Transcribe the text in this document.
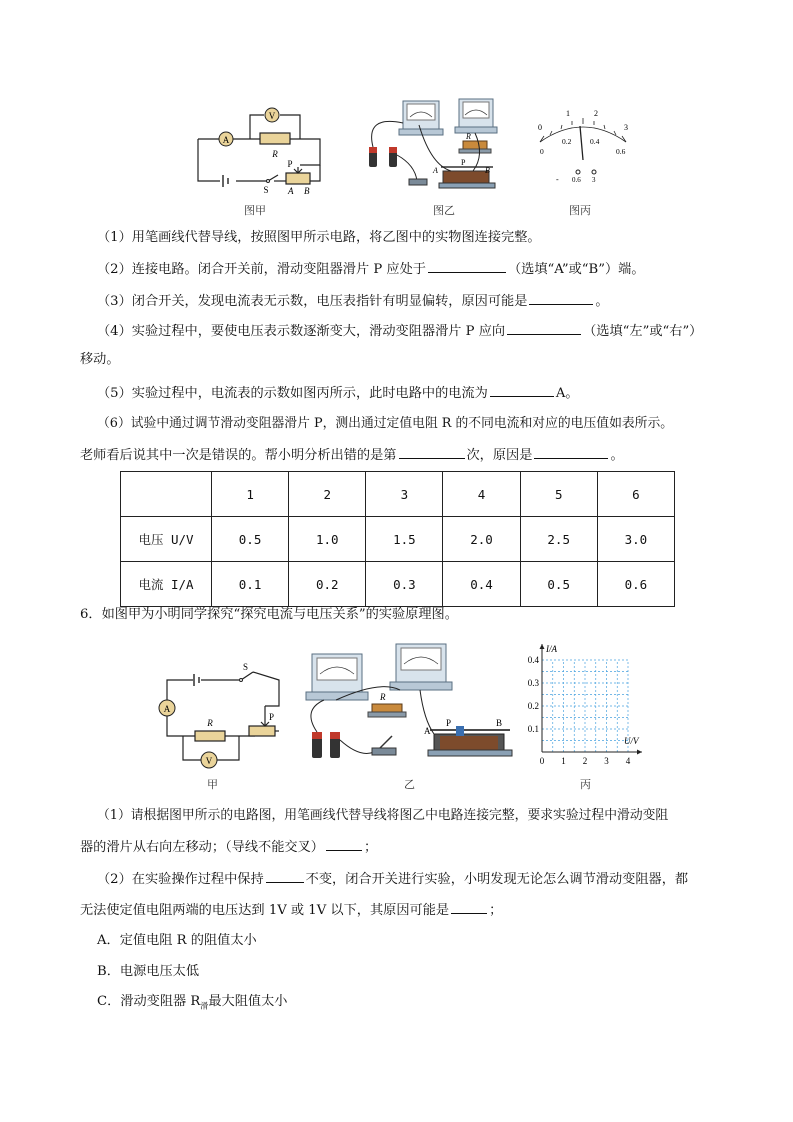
A
V
R
S
P
A B
R
A
P
B
0
1	2
3
0
0.2 0.4
0.6
- 0.6 3
图甲	图乙	图丙
（1）用笔画线代替导线，按照图甲所示电路，将乙图中的实物图连接完整。
（2）连接电路。闭合开关前，滑动变阻器滑片 P 应处于	（选填“A”或“B”）端。
（3）闭合开关，发现电流表无示数，电压表指针有明显偏转，原因可能是	。
（4）实验过程中，要使电压表示数逐渐变大，滑动变阻器滑片 P 应向	（选填“左”或“右”）
移动。
（5）实验过程中，电流表的示数如图丙所示，此时电路中的电流为	A。
（6）试验中通过调节滑动变阻器滑片 P，测出通过定值电阻 R 的不同电流和对应的电压值如表所示。
老师看后说其中一次是错误的。帮小明分析出错的是第	次，原因是	。
	1	2	3	4	5	6
电压 U/V	0.5	1.0	1.5	2.0	2.5	3.0
电流 I/A	0.1	0.2	0.3	0.4	0.5	0.6
6．如图甲为小明同学探究“探究电流与电压关系”的实验原理图。
A
V
R
S
P
R
A
P	B
0 1 2 3 4
0.1
0.2
0.3
0.4
U/V
I/A
甲	乙	丙
（1）请根据图甲所示的电路图，用笔画线代替导线将图乙中电路连接完整，要求实验过程中滑动变阻
器的滑片从右向左移动；（导线不能交叉）	；
（2）在实验操作过程中保持	不变，闭合开关进行实验，小明发现无论怎么调节滑动变阻器，都
无法使定值电阻两端的电压达到 1V 或 1V 以下，其原因可能是	；
A．定值电阻 R 的阻值太小
B．电源电压太低
C．滑动变阻器 $R_滑$最大阻值太小
